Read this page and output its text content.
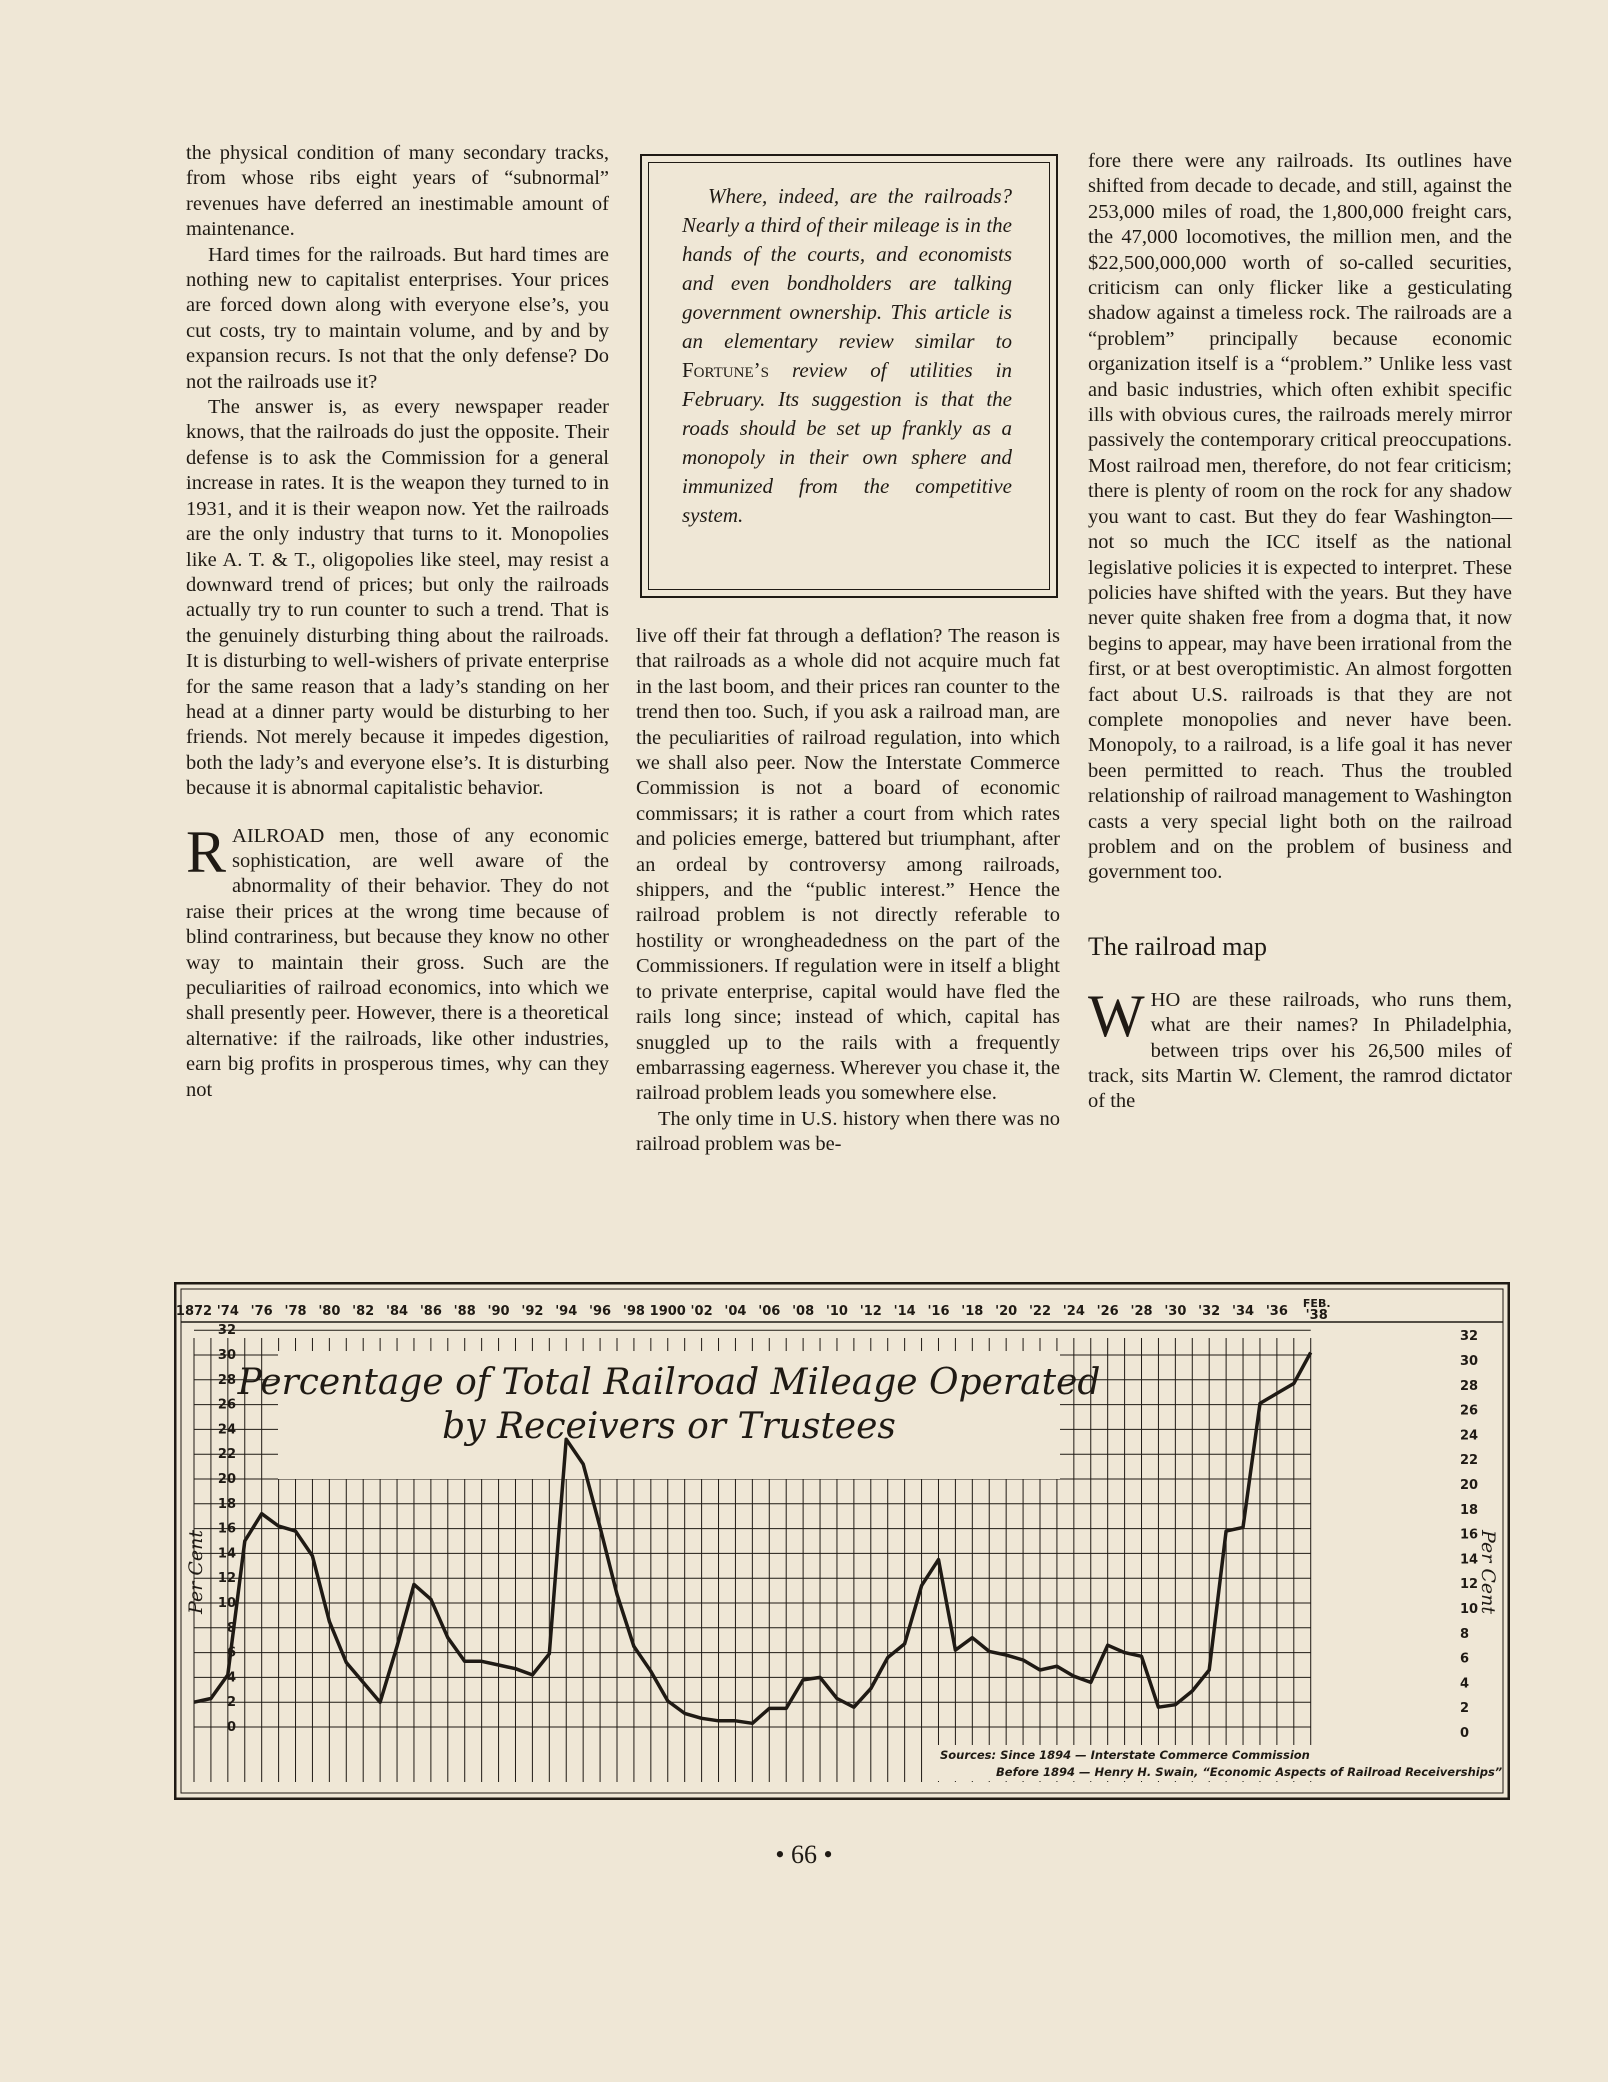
the physical condition of many secondary tracks, from whose ribs eight years of “subnormal” revenues have deferred an inestimable amount of maintenance.

Hard times for the railroads. But hard times are nothing new to capitalist enterprises. Your prices are forced down along with everyone else’s, you cut costs, try to maintain volume, and by and by expansion recurs. Is not that the only defense? Do not the railroads use it?

The answer is, as every newspaper reader knows, that the railroads do just the opposite. Their defense is to ask the Commission for a general increase in rates. It is the weapon they turned to in 1931, and it is their weapon now. Yet the railroads are the only industry that turns to it. Monopolies like A. T. & T., oligopolies like steel, may resist a downward trend of prices; but only the railroads actually try to run counter to such a trend. That is the genuinely disturbing thing about the railroads. It is disturbing to well-wishers of private enterprise for the same reason that a lady’s standing on her head at a dinner party would be disturbing to her friends. Not merely because it impedes digestion, both the lady’s and everyone else’s. It is disturbing because it is abnormal capitalistic behavior.

RAILROAD men, those of any economic sophistication, are well aware of the abnormality of their behavior. They do not raise their prices at the wrong time because of blind contrariness, but because they know no other way to maintain their gross. Such are the peculiarities of railroad economics, into which we shall presently peer. However, there is a theoretical alternative: if the railroads, like other industries, earn big profits in prosperous times, why can they not

Where, indeed, are the railroads? Nearly a third of their mileage is in the hands of the courts, and economists and even bondholders are talking government ownership. This article is an elementary review similar to Fortune’s review of utilities in February. Its suggestion is that the roads should be set up frankly as a monopoly in their own sphere and immunized from the competitive system.

live off their fat through a deflation? The reason is that railroads as a whole did not acquire much fat in the last boom, and their prices ran counter to the trend then too. Such, if you ask a railroad man, are the peculiarities of railroad regulation, into which we shall also peer. Now the Interstate Commerce Commission is not a board of economic commissars; it is rather a court from which rates and policies emerge, battered but triumphant, after an ordeal by controversy among railroads, shippers, and the “public interest.” Hence the railroad problem is not directly referable to hostility or wrongheadedness on the part of the Commissioners. If regulation were in itself a blight to private enterprise, capital would have fled the rails long since; instead of which, capital has snuggled up to the rails with a frequently embarrassing eagerness. Wherever you chase it, the railroad problem leads you somewhere else.

The only time in U.S. history when there was no railroad problem was be-

fore there were any railroads. Its outlines have shifted from decade to decade, and still, against the 253,000 miles of road, the 1,800,000 freight cars, the 47,000 locomotives, the million men, and the $22,500,000,000 worth of so-called securities, criticism can only flicker like a gesticulating shadow against a timeless rock. The railroads are a “problem” principally because economic organization itself is a “problem.” Unlike less vast and basic industries, which often exhibit specific ills with obvious cures, the railroads merely mirror passively the contemporary critical preoccupations. Most railroad men, therefore, do not fear criticism; there is plenty of room on the rock for any shadow you want to cast. But they do fear Washington—not so much the ICC itself as the national legislative policies it is expected to interpret. These policies have shifted with the years. But they have never quite shaken free from a dogma that, it now begins to appear, may have been irrational from the first, or at best overoptimistic. An almost forgotten fact about U.S. railroads is that they are not complete monopolies and never have been. Monopoly, to a railroad, is a life goal it has never been permitted to reach. Thus the troubled relationship of railroad management to Washington casts a very special light both on the railroad problem and on the problem of business and government too.

The railroad map

WHO are these railroads, who runs them, what are their names? In Philadelphia, between trips over his 26,500 miles of track, sits Martin W. Clement, the ramrod dictator of the

1872 '74 '76 '78 '80 '82 '84 '86 '88 '90 '92 '94 '96 '98 1900 '02 '04 '06 '08 '10 '12 '14 '16 '18 '20 '22 '24 '26 '28 '30 '32 '34 '36
FEB.
'38
0
2
4
6
8
10
12
14
16
18
20
22
24
26
28
30
32
0
2
4
6
8
10
12
14
16
18
20
22
24
26
28
30
32
Percentage of Total Railroad Mileage Operated
by Receivers or Trustees
Per Cent	Per Cent
Sources: Since 1894 — Interstate Commerce Commission
Before 1894 — Henry H. Swain, “Economic Aspects of Railroad Receiverships”
• 66 •
